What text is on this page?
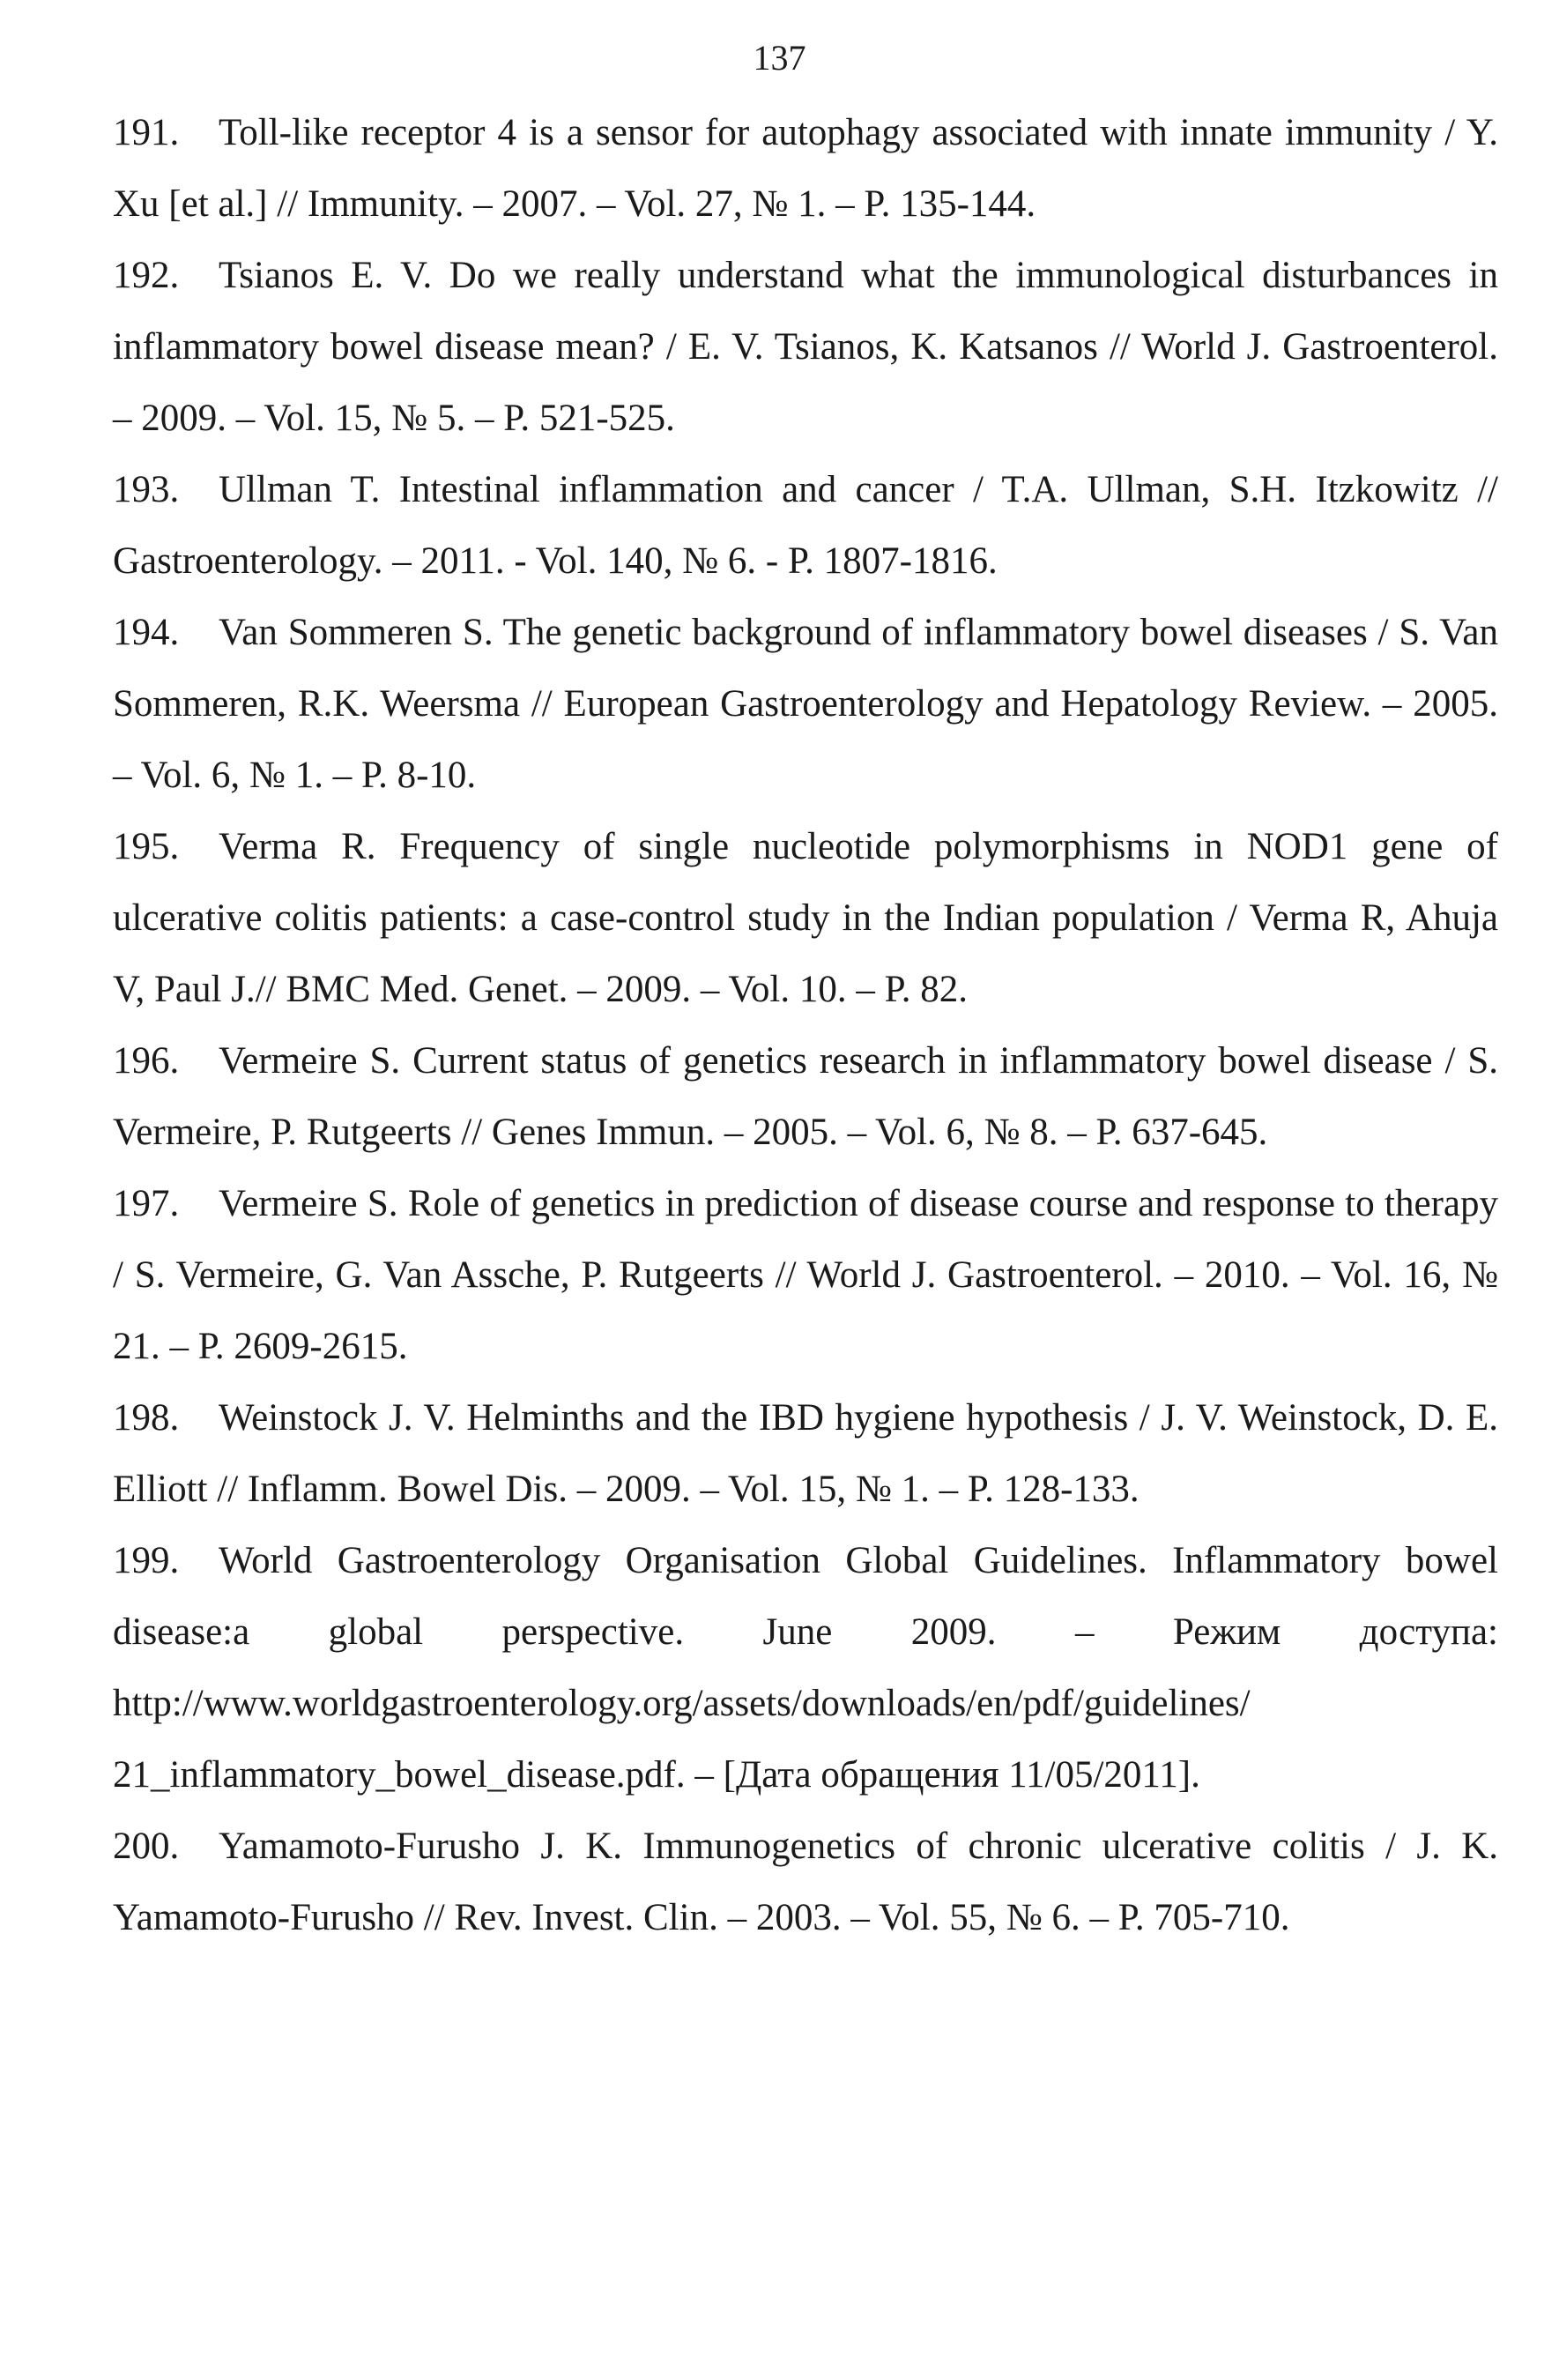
137
191. Toll-like receptor 4 is a sensor for autophagy associated with innate immunity / Y. Xu [et al.] // Immunity. – 2007. – Vol. 27, № 1. – P. 135-144.
192. Tsianos E. V. Do we really understand what the immunological disturbances in inflammatory bowel disease mean? / E. V. Tsianos, K. Katsanos // World J. Gastroenterol. – 2009. – Vol. 15, № 5. – P. 521-525.
193. Ullman T. Intestinal inflammation and cancer / T.A. Ullman, S.H. Itzkowitz // Gastroenterology. – 2011. - Vol. 140, № 6. - P. 1807-1816.
194. Van Sommeren S. The genetic background of inflammatory bowel diseases / S. Van Sommeren, R.K. Weersma // European Gastroenterology and Hepatology Review. – 2005. – Vol. 6, № 1. – P. 8-10.
195. Verma R. Frequency of single nucleotide polymorphisms in NOD1 gene of ulcerative colitis patients: a case-control study in the Indian population / Verma R, Ahuja V, Paul J.// BMC Med. Genet. – 2009. – Vol. 10. – P. 82.
196. Vermeire S. Current status of genetics research in inflammatory bowel disease / S. Vermeire, P. Rutgeerts // Genes Immun. – 2005. – Vol. 6, № 8. – P. 637-645.
197. Vermeire S. Role of genetics in prediction of disease course and response to therapy / S. Vermeire, G. Van Assche, P. Rutgeerts // World J. Gastroenterol. – 2010. – Vol. 16, № 21. – P. 2609-2615.
198. Weinstock J. V. Helminths and the IBD hygiene hypothesis / J. V. Weinstock, D. E. Elliott // Inflamm. Bowel Dis. – 2009. – Vol. 15, № 1. – P. 128-133.
199. World Gastroenterology Organisation Global Guidelines. Inflammatory bowel disease:a global perspective. June 2009. – Режим доступа: http://www.worldgastroenterology.org/assets/downloads/en/pdf/guidelines/ 21_inflammatory_bowel_disease.pdf. – [Дата обращения 11/05/2011].
200. Yamamoto-Furusho J. K. Immunogenetics of chronic ulcerative colitis / J. K. Yamamoto-Furusho // Rev. Invest. Clin. – 2003. – Vol. 55, № 6. – P. 705-710.
